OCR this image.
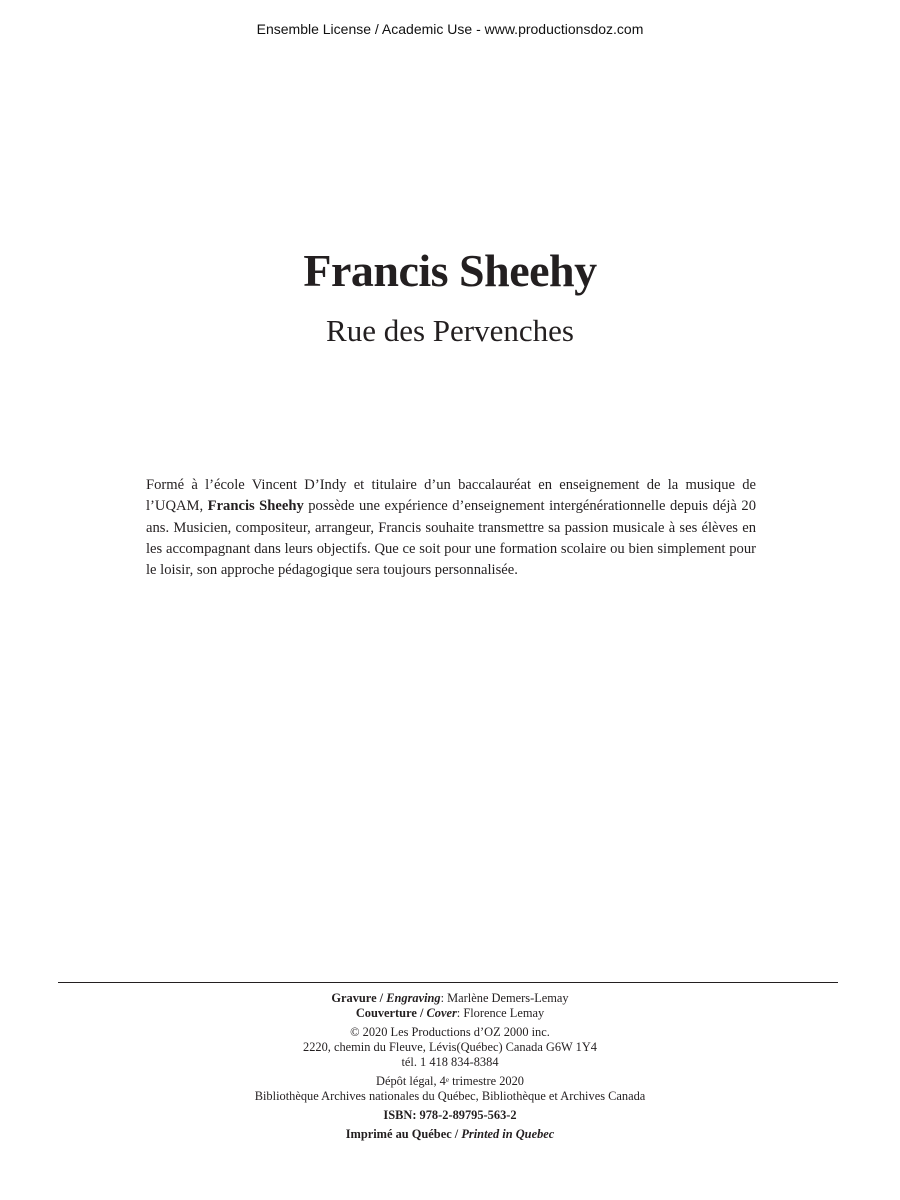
Ensemble License / Academic Use - www.productionsdoz.com
Francis Sheehy
Rue des Pervenches
Formé à l’école Vincent D’Indy et titulaire d’un baccalauréat en enseignement de la musique de l’UQAM, Francis Sheehy possède une expérience d’enseignement intergénérationnelle depuis déjà 20 ans. Musicien, compositeur, arrangeur, Francis souhaite transmettre sa passion musicale à ses élèves en les accompagnant dans leurs objectifs. Que ce soit pour une formation scolaire ou bien simplement pour le loisir, son approche pédagogique sera toujours personnalisée.
Gravure / Engraving: Marlène Demers-Lemay
Couverture / Cover: Florence Lemay
© 2020 Les Productions d’OZ 2000 inc.
2220, chemin du Fleuve, Lévis(Québec) Canada G6W 1Y4
tél. 1 418 834-8384
Dépôt légal, 4e trimestre 2020
Bibliothèque Archives nationales du Québec, Bibliothèque et Archives Canada
ISBN: 978-2-89795-563-2
Imprimé au Québec / Printed in Quebec
